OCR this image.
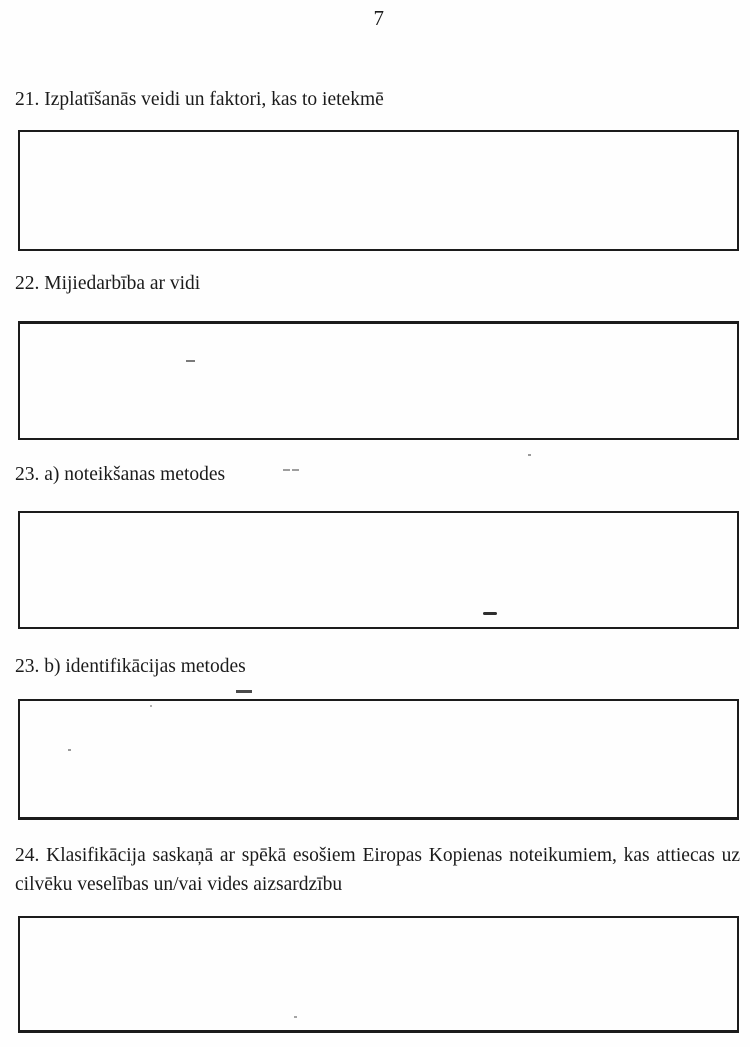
7
21. Izplatīšanās veidi un faktori, kas to ietekmē
22. Mijiedarbība ar vidi
23. a) noteikšanas metodes
23. b) identifikācijas metodes
24. Klasifikācija saskaņā ar spēkā esošiem Eiropas Kopienas noteikumiem, kas attiecas uz cilvēku veselības un/vai vides aizsardzību
